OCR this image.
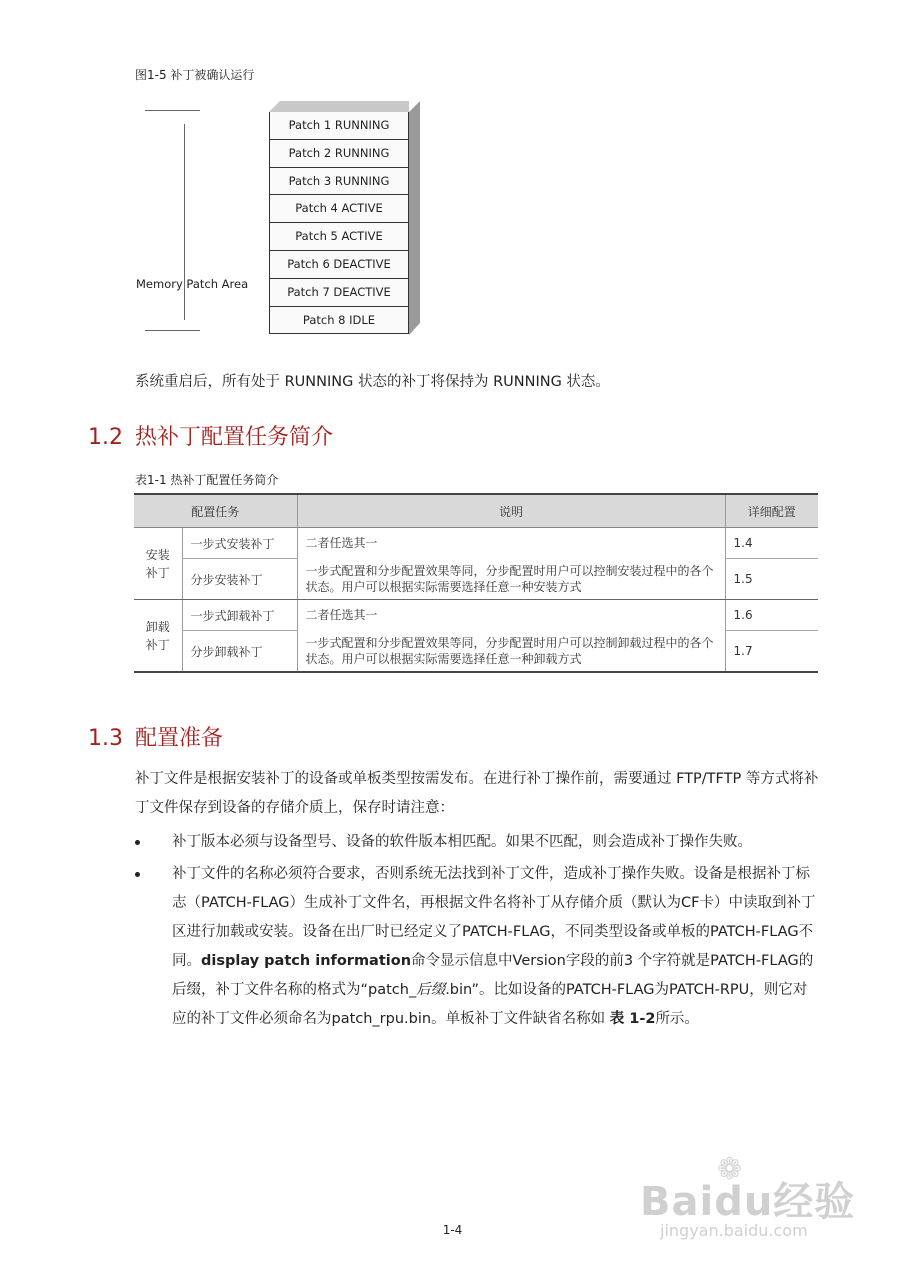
图1-5 补丁被确认运行
Memory Patch Area
Patch 1 RUNNING
Patch 2 RUNNING
Patch 3 RUNNING
Patch 4 ACTIVE
Patch 5 ACTIVE
Patch 6 DEACTIVE
Patch 7 DEACTIVE
Patch 8 IDLE
系统重启后，所有处于 RUNNING 状态的补丁将保持为 RUNNING 状态。
1.2 热补丁配置任务简介
表1-1 热补丁配置任务简介
配置任务		说明	详细配置
安装补丁	一步式安装补丁	二者任选其一	1.4
	分步安装补丁	一步式配置和分步配置效果等同，分步配置时用户可以控制安装过程中的各个状态。用户可以根据实际需要选择任意一种安装方式	1.5
卸载补丁	一步式卸载补丁	二者任选其一	1.6
	分步卸载补丁	一步式配置和分步配置效果等同，分步配置时用户可以控制卸载过程中的各个状态。用户可以根据实际需要选择任意一种卸载方式	1.7
1.3 配置准备
补丁文件是根据安装补丁的设备或单板类型按需发布。在进行补丁操作前，需要通过 FTP/TFTP 等方式将补丁文件保存到设备的存储介质上，保存时请注意：
补丁版本必须与设备型号、设备的软件版本相匹配。如果不匹配，则会造成补丁操作失败。
补丁文件的名称必须符合要求，否则系统无法找到补丁文件，造成补丁操作失败。设备是根据补丁标志（PATCH-FLAG）生成补丁文件名，再根据文件名将补丁从存储介质（默认为CF卡）中读取到补丁区进行加载或安装。设备在出厂时已经定义了PATCH-FLAG，不同类型设备或单板的PATCH-FLAG不同。display patch information命令显示信息中Version字段的前3 个字符就是PATCH-FLAG的后缀，补丁文件名称的格式为“patch_后缀.bin”。比如设备的PATCH-FLAG为PATCH-RPU，则它对应的补丁文件必须命名为patch_rpu.bin。单板补丁文件缺省名称如 表 1-2所示。
❁
Baidu经验
jingyan.baidu.com
1-4
